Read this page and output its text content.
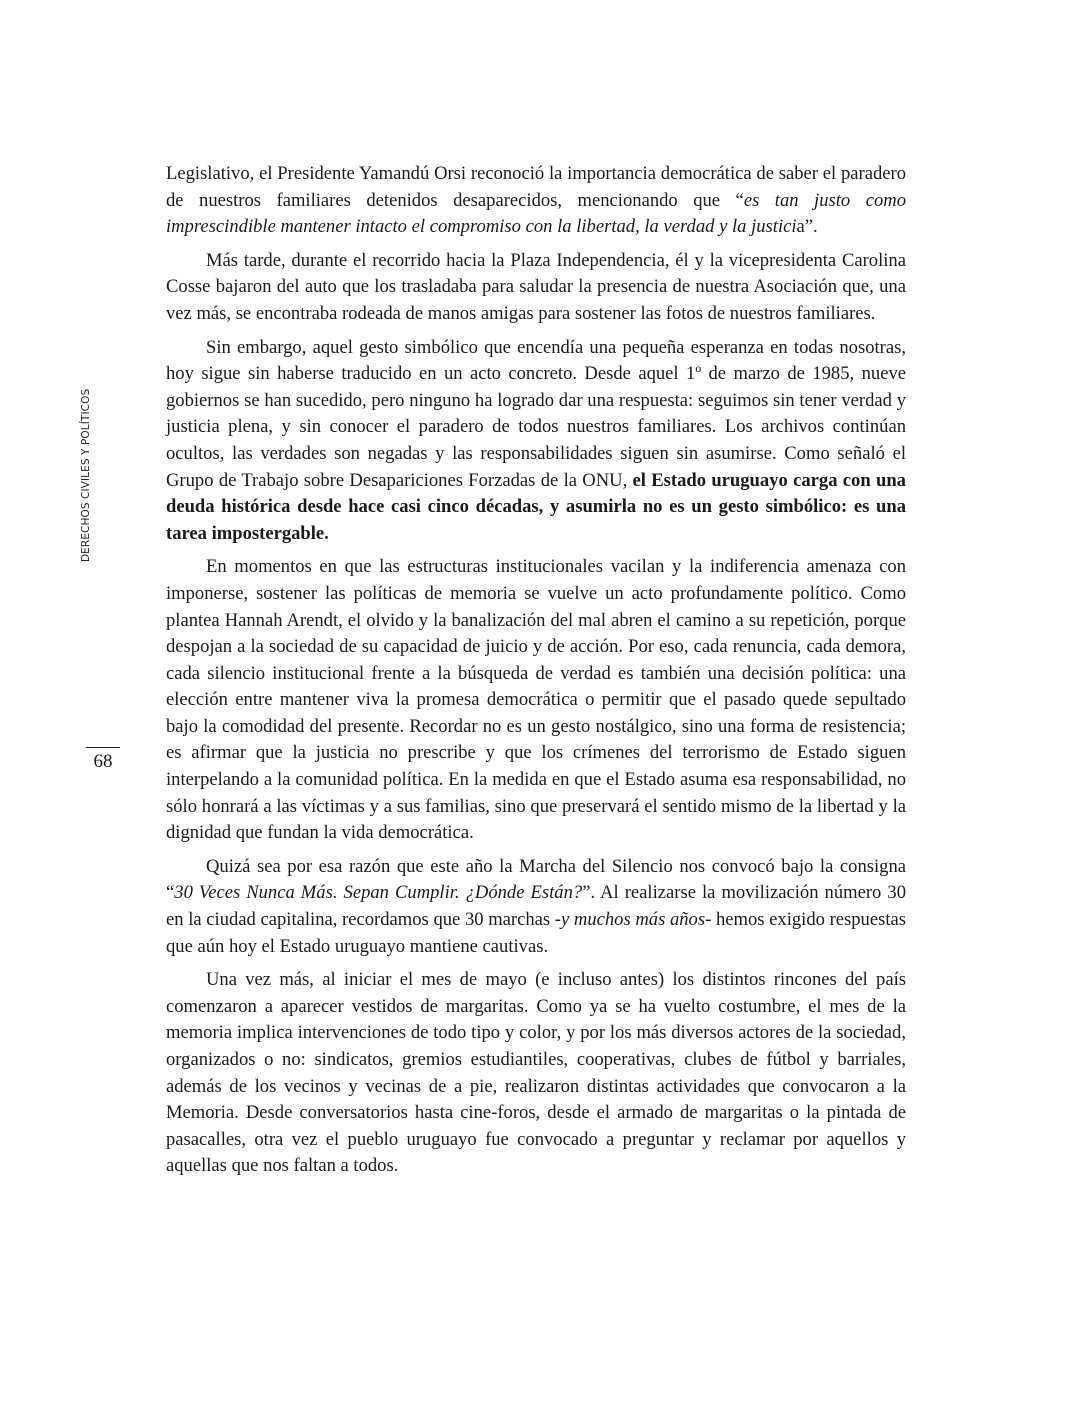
DERECHOS CIVILES Y POLÍTICOS
68

Legislativo, el Presidente Yamandú Orsi reconoció la importancia democrática de saber el paradero de nuestros familiares detenidos desaparecidos, mencionando que “es tan justo como imprescindible mantener intacto el compromiso con la libertad, la verdad y la justicia”.

Más tarde, durante el recorrido hacia la Plaza Independencia, él y la vicepresidenta Carolina Cosse bajaron del auto que los trasladaba para saludar la presencia de nuestra Asociación que, una vez más, se encontraba rodeada de manos amigas para sostener las fotos de nuestros familiares.

Sin embargo, aquel gesto simbólico que encendía una pequeña esperanza en todas nosotras, hoy sigue sin haberse traducido en un acto concreto. Desde aquel 1º de marzo de 1985, nueve gobiernos se han sucedido, pero ninguno ha logrado dar una respuesta: seguimos sin tener verdad y justicia plena, y sin conocer el paradero de todos nuestros familiares. Los archivos continúan ocultos, las verdades son negadas y las responsabilidades siguen sin asumirse. Como señaló el Grupo de Trabajo sobre Desapariciones Forzadas de la ONU, el Estado uruguayo carga con una deuda histórica desde hace casi cinco décadas, y asumirla no es un gesto simbólico: es una tarea impostergable.

En momentos en que las estructuras institucionales vacilan y la indiferencia amenaza con imponerse, sostener las políticas de memoria se vuelve un acto profundamente político. Como plantea Hannah Arendt, el olvido y la banalización del mal abren el camino a su repetición, porque despojan a la sociedad de su capacidad de juicio y de acción. Por eso, cada renuncia, cada demora, cada silencio institucional frente a la búsqueda de verdad es también una decisión política: una elección entre mantener viva la promesa democrática o permitir que el pasado quede sepultado bajo la comodidad del presente. Recordar no es un gesto nostálgico, sino una forma de resistencia; es afirmar que la justicia no prescribe y que los crímenes del terrorismo de Estado siguen interpelando a la comunidad política. En la medida en que el Estado asuma esa responsabilidad, no sólo honrará a las víctimas y a sus familias, sino que preservará el sentido mismo de la libertad y la dignidad que fundan la vida democrática.

Quizá sea por esa razón que este año la Marcha del Silencio nos convocó bajo la consigna “30 Veces Nunca Más. Sepan Cumplir. ¿Dónde Están?”. Al realizarse la movilización número 30 en la ciudad capitalina, recordamos que 30 marchas -y muchos más años- hemos exigido respuestas que aún hoy el Estado uruguayo mantiene cautivas.

Una vez más, al iniciar el mes de mayo (e incluso antes) los distintos rincones del país comenzaron a aparecer vestidos de margaritas. Como ya se ha vuelto costumbre, el mes de la memoria implica intervenciones de todo tipo y color, y por los más diversos actores de la sociedad, organizados o no: sindicatos, gremios estudiantiles, cooperativas, clubes de fútbol y barriales, además de los vecinos y vecinas de a pie, realizaron distintas actividades que convocaron a la Memoria. Desde conversatorios hasta cine-foros, desde el armado de margaritas o la pintada de pasacalles, otra vez el pueblo uruguayo fue convocado a preguntar y reclamar por aquellos y aquellas que nos faltan a todos.
